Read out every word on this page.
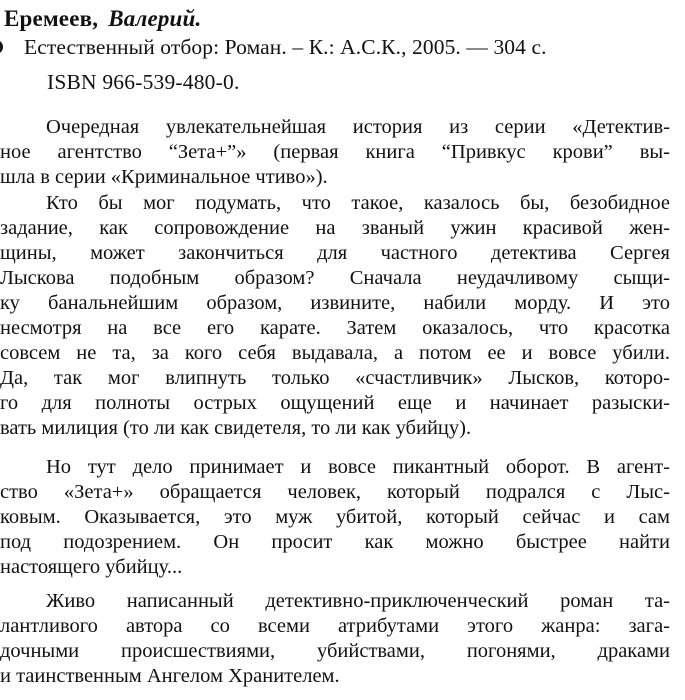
Еремеев, Валерий.
Естественный отбор: Роман. – К.: А.С.К., 2005. — 304 с.
ISBN 966-539-480-0.
Очередная увлекательнейшая история из серии «Детектив-
ное агентство “Зета+”» (первая книга “Привкус крови” вы-
шла в серии «Криминальное чтиво»).
Кто бы мог подумать, что такое, казалось бы, безобидное
задание, как сопровождение на званый ужин красивой жен-
щины, может закончиться для частного детектива Сергея
Лыскова подобным образом? Сначала неудачливому сыщи-
ку банальнейшим образом, извините, набили морду. И это
несмотря на все его карате. Затем оказалось, что красотка
совсем не та, за кого себя выдавала, а потом ее и вовсе убили.
Да, так мог влипнуть только «счастливчик» Лысков, которо-
го для полноты острых ощущений еще и начинает разыски-
вать милиция (то ли как свидетеля, то ли как убийцу).
Но тут дело принимает и вовсе пикантный оборот. В агент-
ство «Зета+» обращается человек, который подрался с Лыс-
ковым. Оказывается, это муж убитой, который сейчас и сам
под подозрением. Он просит как можно быстрее найти
настоящего убийцу...
Живо написанный детективно-приключенческий роман та-
лантливого автора со всеми атрибутами этого жанра: зага-
дочными происшествиями, убийствами, погонями, драками
и таинственным Ангелом Хранителем.
